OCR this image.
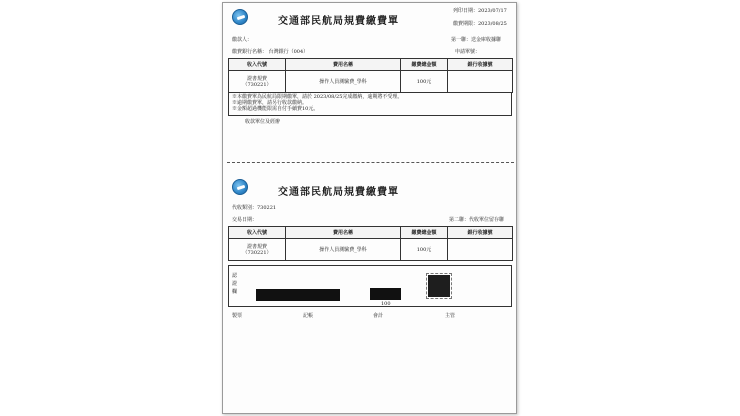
交通部民航局規費繳費單
列印日期：2023/07/17
繳費期限：2023/08/25
繳款人：	第一聯：送金庫收據聯
繳費銀行名稱： 台灣銀行（004）	申請單號：
收入代號	費用名稱	繳費總金額	銀行收據號

證書規費
（730221）	操作人員測驗費_學科	100元	
※本繳費單為民航局限期繳單，請於 2023/08/25完成繳納，逾期將不受理。
※逾期繳費單，請另行收款繳納。
※金額超過機能限需自付手續費10元。
收款單位及經辦
交通部民航局規費繳費單
代收類別：730221
交易日期：	第二聯：代收單位留存聯
收入代號	費用名稱	繳費總金額	銀行收據號

證書規費
（730221）	操作人員測驗費_學科	100元	
認證欄
100
製票	記帳	會計	主管
